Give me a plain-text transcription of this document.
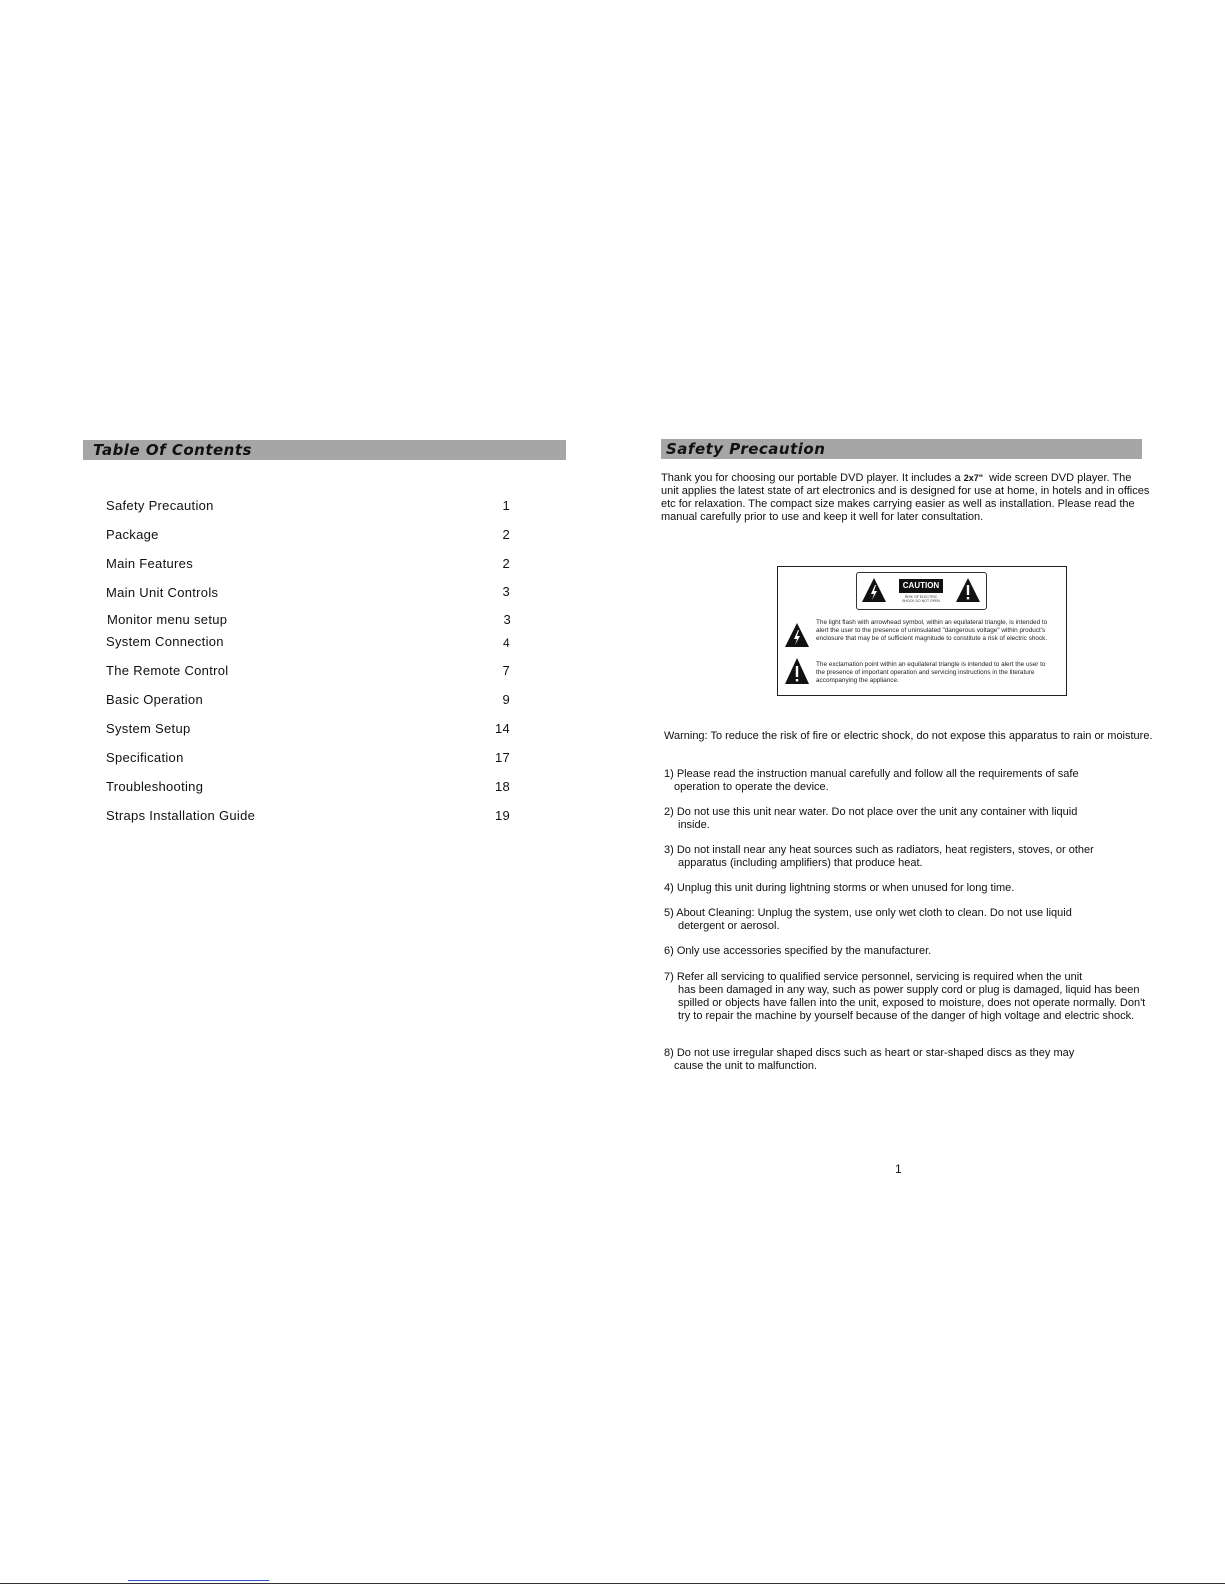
Table Of Contents
Safety Precaution	1
Package	2
Main Features	2
Main Unit Controls	3
Monitor menu setup	3
System Connection	4
The Remote Control	7
Basic Operation	9
System Setup	14
Specification	17
Troubleshooting	18
Straps Installation Guide	19
Safety Precaution
Thank you for choosing our portable DVD player. It includes a 2x7" wide screen DVD player. The unit applies the latest state of art electronics and is designed for use at home, in hotels and in offices etc for relaxation. The compact size makes carrying easier as well as installation. Please read the manual carefully prior to use and keep it well for later consultation.
CAUTION
RISK OF ELECTRIC SHOCK DO NOT OPEN
The light flash with arrowhead symbol, within an equilateral triangle, is intended to alert the user to the presence of uninsulated "dangerous voltage" within product's enclosure that may be of sufficient magnitude to constitute a risk of electric shock.
The exclamation point within an equilateral triangle is intended to alert the user to the presence of important operation and servicing instructions in the literature accompanying the appliance.
Warning: To reduce the risk of fire or electric shock, do not expose this apparatus to rain or moisture.
1) Please read the instruction manual carefully and follow all the requirements of safe
operation to operate the device.
2) Do not use this unit near water. Do not place over the unit any container with liquid
inside.
3) Do not install near any heat sources such as radiators, heat registers, stoves, or other
apparatus (including amplifiers) that produce heat.
4) Unplug this unit during lightning storms or when unused for long time.
5) About Cleaning: Unplug the system, use only wet cloth to clean. Do not use liquid
detergent or aerosol.
6) Only use accessories specified by the manufacturer.
7) Refer all servicing to qualified service personnel, servicing is required when the unit
has been damaged in any way, such as power supply cord or plug is damaged, liquid has been spilled or objects have fallen into the unit, exposed to moisture, does not operate normally. Don't try to repair the machine by yourself because of the danger of high voltage and electric shock.
8) Do not use irregular shaped discs such as heart or star-shaped discs as they may
cause the unit to malfunction.
1
